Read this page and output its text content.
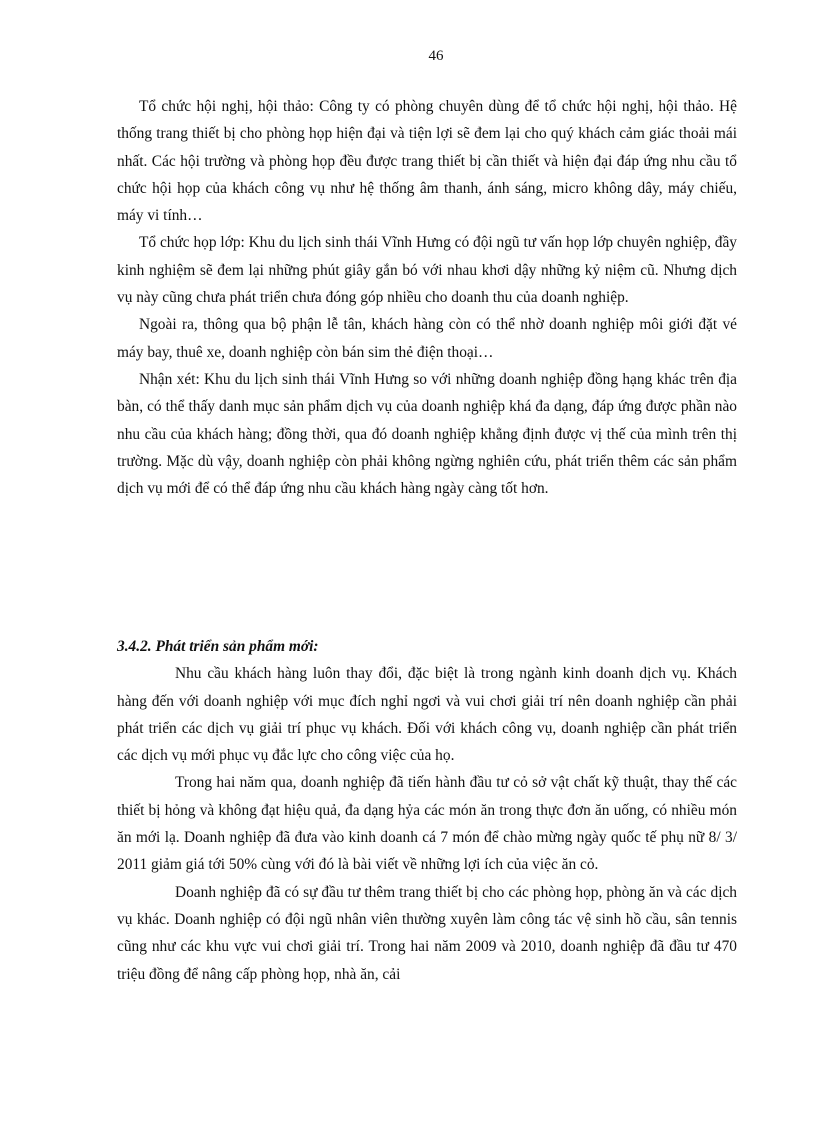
46

Tổ chức hội nghị, hội thảo: Công ty có phòng chuyên dùng để tổ chức hội nghị, hội thảo. Hệ thống trang thiết bị cho phòng họp hiện đại và tiện lợi sẽ đem lại cho quý khách cảm giác thoải mái nhất. Các hội trường và phòng họp đều được trang thiết bị cần thiết và hiện đại đáp ứng nhu cầu tổ chức hội họp của khách công vụ như hệ thống âm thanh, ánh sáng, micro không dây, máy chiếu, máy vi tính…

Tổ chức họp lớp: Khu du lịch sinh thái Vĩnh Hưng có đội ngũ tư vấn họp lớp chuyên nghiệp, đầy kinh nghiệm sẽ đem lại những phút giây gắn bó với nhau khơi dậy những kỷ niệm cũ. Nhưng dịch vụ này cũng chưa phát triển chưa đóng góp nhiều cho doanh thu của doanh nghiệp.

Ngoài ra, thông qua bộ phận lễ tân, khách hàng còn có thể nhờ doanh nghiệp môi giới đặt vé máy bay, thuê xe, doanh nghiệp còn bán sim thẻ điện thoại…

Nhận xét: Khu du lịch sinh thái Vĩnh Hưng so với những doanh nghiệp đồng hạng khác trên địa bàn, có thể thấy danh mục sản phẩm dịch vụ của doanh nghiệp khá đa dạng, đáp ứng được phần nào nhu cầu của khách hàng; đồng thời, qua đó doanh nghiệp khẳng định được vị thế của mình trên thị trường. Mặc dù vậy, doanh nghiệp còn phải không ngừng nghiên cứu, phát triển thêm các sản phẩm dịch vụ mới để có thể đáp ứng nhu cầu khách hàng ngày càng tốt hơn.

3.4.2. Phát triển sản phẩm mới:

Nhu cầu khách hàng luôn thay đổi, đặc biệt là trong ngành kinh doanh dịch vụ. Khách hàng đến với doanh nghiệp với mục đích nghỉ ngơi và vui chơi giải trí nên doanh nghiệp cần phải phát triển các dịch vụ giải trí phục vụ khách. Đối với khách công vụ, doanh nghiệp cần phát triển các dịch vụ mới phục vụ đắc lực cho công việc của họ.

Trong hai năm qua, doanh nghiệp đã tiến hành đầu tư cỏ sở vật chất kỹ thuật, thay thế các thiết bị hỏng và không đạt hiệu quả, đa dạng hỷa các món ăn trong thực đơn ăn uống, có nhiều món ăn mới lạ. Doanh nghiệp đã đưa vào kinh doanh cá 7 món để chào mừng ngày quốc tế phụ nữ 8/ 3/ 2011 giảm giá tới 50% cùng với đó là bài viết về những lợi ích của việc ăn cỏ.

Doanh nghiệp đã có sự đầu tư thêm trang thiết bị cho các phòng họp, phòng ăn và các dịch vụ khác. Doanh nghiệp có đội ngũ nhân viên thường xuyên làm công tác vệ sinh hồ cầu, sân tennis cũng như các khu vực vui chơi giải trí. Trong hai năm 2009 và 2010, doanh nghiệp đã đầu tư 470 triệu đồng để nâng cấp phòng họp, nhà ăn, cải
